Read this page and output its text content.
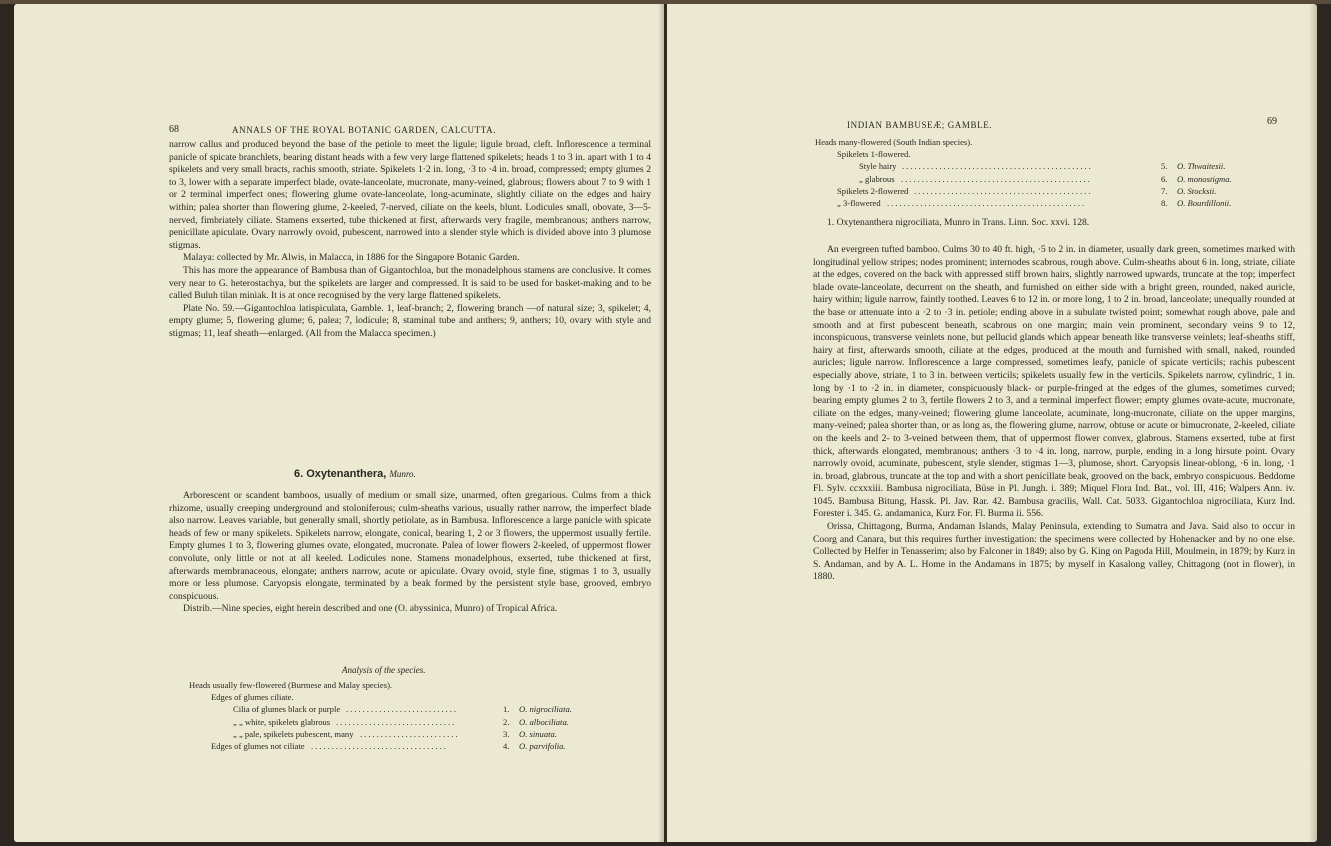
68	ANNALS OF THE ROYAL BOTANIC GARDEN, CALCUTTA.

narrow callus and produced beyond the base of the petiole to meet the ligule; ligule broad, cleft. Inflorescence a terminal panicle of spicate branchlets, bearing distant heads with a few very large flattened spikelets; heads 1 to 3 in. apart with 1 to 4 spikelets and very small bracts, rachis smooth, striate. Spikelets 1·2 in. long, ·3 to ·4 in. broad, compressed; empty glumes 2 to 3, lower with a separate imperfect blade, ovate-lanceolate, mucronate, many-veined, glabrous; flowers about 7 to 9 with 1 or 2 terminal imperfect ones; flowering glume ovate-lanceolate, long-acuminate, slightly ciliate on the edges and hairy within; palea shorter than flowering glume, 2-keeled, 7-nerved, ciliate on the keels, blunt. Lodicules small, obovate, 3—5-nerved, fimbriately ciliate. Stamens exserted, tube thickened at first, afterwards very fragile, membranous; anthers narrow, penicillate apiculate. Ovary narrowly ovoid, pubescent, narrowed into a slender style which is divided above into 3 plumose stigmas.

Malaya: collected by Mr. Alwis, in Malacca, in 1886 for the Singapore Botanic Garden.

This has more the appearance of Bambusa than of Gigantochloa, but the monadelphous stamens are conclusive. It comes very near to G. heterostachya, but the spikelets are larger and compressed. It is said to be used for basket-making and to be called Buluh tilan miniak. It is at once recognised by the very large flattened spikelets.

Plate No. 59.—Gigantochloa latispiculata, Gamble. 1, leaf-branch; 2, flowering branch —of natural size; 3, spikelet; 4, empty glume; 5, flowering glume; 6, palea; 7, lodicule; 8, staminal tube and anthers; 9, anthers; 10, ovary with style and stigmas; 11, leaf sheath—enlarged. (All from the Malacca specimen.)

6. Oxytenanthera, Munro.

Arborescent or scandent bamboos, usually of medium or small size, unarmed, often gregarious. Culms from a thick rhizome, usually creeping underground and stoloniferous; culm-sheaths various, usually rather narrow, the imperfect blade also narrow. Leaves variable, but generally small, shortly petiolate, as in Bambusa. Inflorescence a large panicle with spicate heads of few or many spikelets. Spikelets narrow, elongate, conical, bearing 1, 2 or 3 flowers, the uppermost usually fertile. Empty glumes 1 to 3, flowering glumes ovate, elongated, mucronate. Palea of lower flowers 2-keeled, of uppermost flower convolute, only little or not at all keeled. Lodicules none. Stamens monadelphous, exserted, tube thickened at first, afterwards membranaceous, elongate; anthers narrow, acute or apiculate. Ovary ovoid, style fine, stigmas 1 to 3, usually more or less plumose. Caryopsis elongate, terminated by a beak formed by the persistent style base, grooved, embryo conspicuous.

Distrib.—Nine species, eight herein described and one (O. abyssinica, Munro) of Tropical Africa.

Analysis of the species.
Heads usually few-flowered (Burmese and Malay species).
Edges of glumes ciliate.
Cilia of glumes black or purple ...........................	1. O. nigrociliata.
„ „ white, spikelets glabrous .............................	2. O. albociliata.
„ „ pale, spikelets pubescent, many ........................	3. O. sinuata.
Edges of glumes not ciliate .................................	4. O. parvifolia.
INDIAN BAMBUSEÆ; GAMBLE.	69
Heads many-flowered (South Indian species).
Spikelets 1-flowered.
Style hairy ..............................................	5. O. Thwaitesii.
„ glabrous ..............................................	6. O. monostigma.
Spikelets 2-flowered ...........................................	7. O. Stocksii.
„ 3-flowered ................................................	8. O. Bourdillonii.
1. Oxytenanthera nigrociliata, Munro in Trans. Linn. Soc. xxvi. 128.

An evergreen tufted bamboo. Culms 30 to 40 ft. high, ·5 to 2 in. in diameter, usually dark green, sometimes marked with longitudinal yellow stripes; nodes prominent; internodes scabrous, rough above. Culm-sheaths about 6 in. long, striate, ciliate at the edges, covered on the back with appressed stiff brown hairs, slightly narrowed upwards, truncate at the top; imperfect blade ovate-lanceolate, decurrent on the sheath, and furnished on either side with a bright green, rounded, naked auricle, hairy within; ligule narrow, faintly toothed. Leaves 6 to 12 in. or more long, 1 to 2 in. broad, lanceolate; unequally rounded at the base or attenuate into a ·2 to ·3 in. petiole; ending above in a subulate twisted point; somewhat rough above, pale and smooth and at first pubescent beneath, scabrous on one margin; main vein prominent, secondary veins 9 to 12, inconspicuous, transverse veinlets none, but pellucid glands which appear beneath like transverse veinlets; leaf-sheaths stiff, hairy at first, afterwards smooth, ciliate at the edges, produced at the mouth and furnished with small, naked, rounded auricles; ligule narrow. Inflorescence a large compressed, sometimes leafy, panicle of spicate verticils; rachis pubescent especially above, striate, 1 to 3 in. between verticils; spikelets usually few in the verticils. Spikelets narrow, cylindric, 1 in. long by ·1 to ·2 in. in diameter, conspicuously black- or purple-fringed at the edges of the glumes, sometimes curved; bearing empty glumes 2 to 3, fertile flowers 2 to 3, and a terminal imperfect flower; empty glumes ovate-acute, mucronate, ciliate on the edges, many-veined; flowering glume lanceolate, acuminate, long-mucronate, ciliate on the upper margins, many-veined; palea shorter than, or as long as, the flowering glume, narrow, obtuse or acute or bimucronate, 2-keeled, ciliate on the keels and 2- to 3-veined between them, that of uppermost flower convex, glabrous. Stamens exserted, tube at first thick, afterwards elongated, membranous; anthers ·3 to ·4 in. long, narrow, purple, ending in a long hirsute point. Ovary narrowly ovoid, acuminate, pubescent, style slender, stigmas 1—3, plumose, short. Caryopsis linear-oblong, ·6 in. long, ·1 in. broad, glabrous, truncate at the top and with a short penicillate beak, grooved on the back, embryo conspicuous. Beddome Fl. Sylv. ccxxxiii. Bambusa nigrociliata, Büse in Pl. Jungh. i. 389; Miquel Flora Ind. Bat., vol. III, 416; Walpers Ann. iv. 1045. Bambusa Bitung, Hassk. Pl. Jav. Rar. 42. Bambusa gracilis, Wall. Cat. 5033. Gigantochloa nigrociliata, Kurz Ind. Forester i. 345. G. andamanica, Kurz For. Fl. Burma ii. 556.

Orissa, Chittagong, Burma, Andaman Islands, Malay Peninsula, extending to Sumatra and Java. Said also to occur in Coorg and Canara, but this requires further investigation: the specimens were collected by Hohenacker and by no one else. Collected by Helfer in Tenasserim; also by Falconer in 1849; also by G. King on Pagoda Hill, Moulmein, in 1879; by Kurz in S. Andaman, and by A. L. Home in the Andamans in 1875; by myself in Kasalong valley, Chittagong (not in flower), in 1880.
